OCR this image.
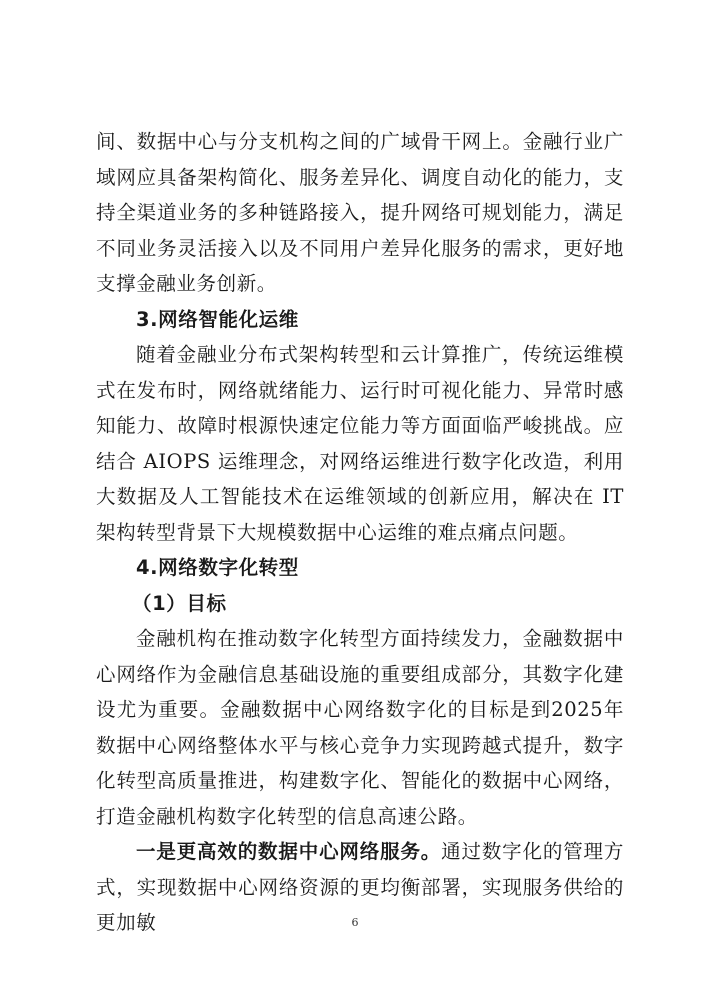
间、数据中心与分支机构之间的广域骨干网上。金融行业广域网应具备架构简化、服务差异化、调度自动化的能力，支持全渠道业务的多种链路接入，提升网络可规划能力，满足不同业务灵活接入以及不同用户差异化服务的需求，更好地支撑金融业务创新。

3.网络智能化运维

随着金融业分布式架构转型和云计算推广，传统运维模式在发布时，网络就绪能力、运行时可视化能力、异常时感知能力、故障时根源快速定位能力等方面面临严峻挑战。应结合 AIOPS 运维理念，对网络运维进行数字化改造，利用大数据及人工智能技术在运维领域的创新应用，解决在 IT 架构转型背景下大规模数据中心运维的难点痛点问题。

4.网络数字化转型

（1）目标

金融机构在推动数字化转型方面持续发力，金融数据中心网络作为金融信息基础设施的重要组成部分，其数字化建设尤为重要。金融数据中心网络数字化的目标是到2025年数据中心网络整体水平与核心竞争力实现跨越式提升，数字化转型高质量推进，构建数字化、智能化的数据中心网络，打造金融机构数字化转型的信息高速公路。

一是更高效的数据中心网络服务。通过数字化的管理方式，实现数据中心网络资源的更均衡部署，实现服务供给的更加敏	6
